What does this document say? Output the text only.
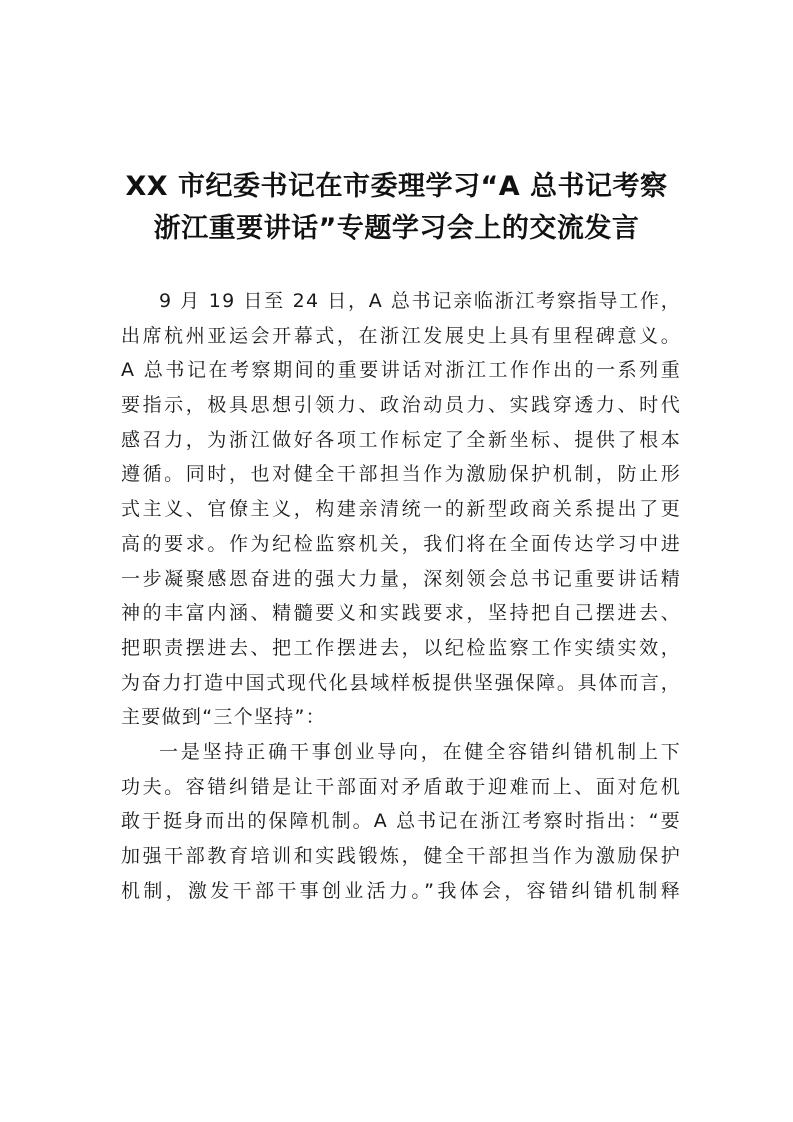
XX 市纪委书记在市委理学习“A 总书记考察
浙江重要讲话”专题学习会上的交流发言
9 月 19 日至 24 日，A 总书记亲临浙江考察指导工作，
出席杭州亚运会开幕式，在浙江发展史上具有里程碑意义。
A 总书记在考察期间的重要讲话对浙江工作作出的一系列重
要指示，极具思想引领力、政治动员力、实践穿透力、时代
感召力，为浙江做好各项工作标定了全新坐标、提供了根本
遵循。同时，也对健全干部担当作为激励保护机制，防止形
式主义、官僚主义，构建亲清统一的新型政商关系提出了更
高的要求。作为纪检监察机关，我们将在全面传达学习中进
一步凝聚感恩奋进的强大力量，深刻领会总书记重要讲话精
神的丰富内涵、精髓要义和实践要求，坚持把自己摆进去、
把职责摆进去、把工作摆进去，以纪检监察工作实绩实效，
为奋力打造中国式现代化县域样板提供坚强保障。具体而言，
主要做到“三个坚持”：
一是坚持正确干事创业导向，在健全容错纠错机制上下
功夫。容错纠错是让干部面对矛盾敢于迎难而上、面对危机
敢于挺身而出的保障机制。A 总书记在浙江考察时指出：“要
加强干部教育培训和实践锻炼，健全干部担当作为激励保护
机制，激发干部干事创业活力。”我体会，容错纠错机制释
